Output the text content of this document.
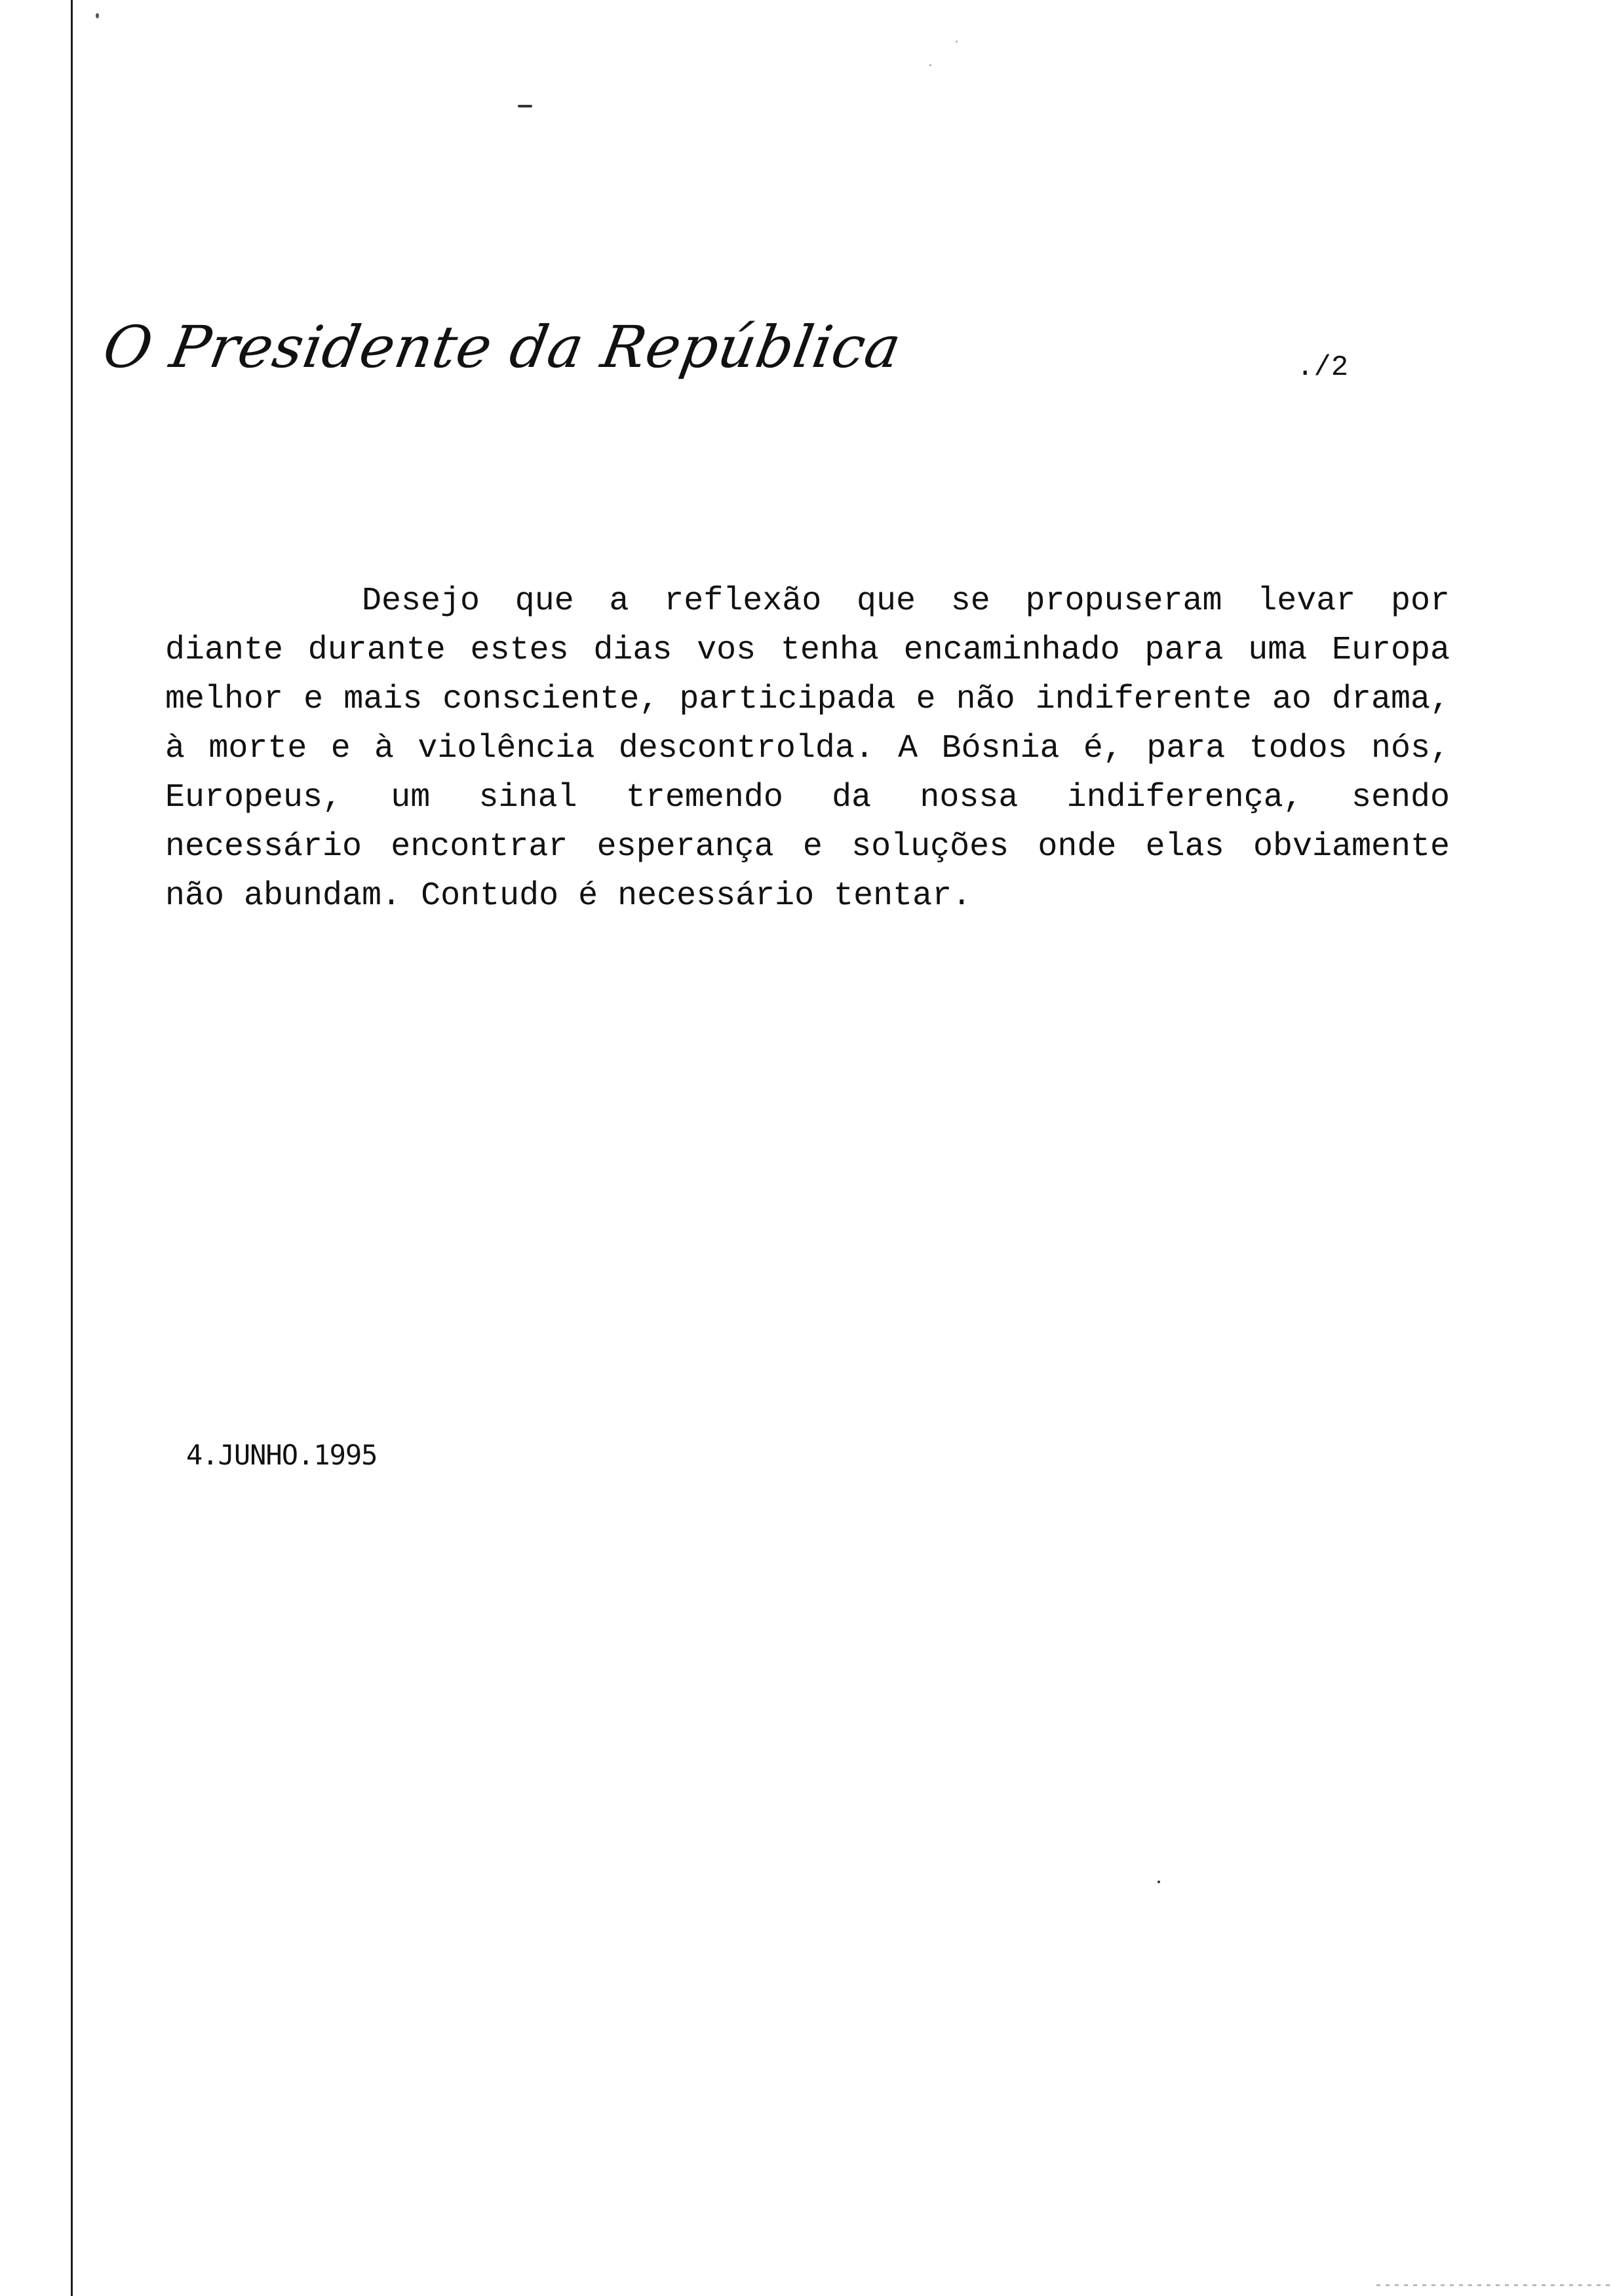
O Presidente da República	./2

Desejo que a reflexão que se propuseram levar por diante durante estes dias vos tenha encaminhado para uma Europa melhor e mais consciente, participada e não indiferente ao drama, à morte e à violência descontrolda. A Bósnia é, para todos nós, Europeus, um sinal tremendo da nossa indiferença, sendo necessário encontrar esperança e soluções onde elas obviamente não abundam. Contudo é necessário tentar.

4.JUNHO.1995
